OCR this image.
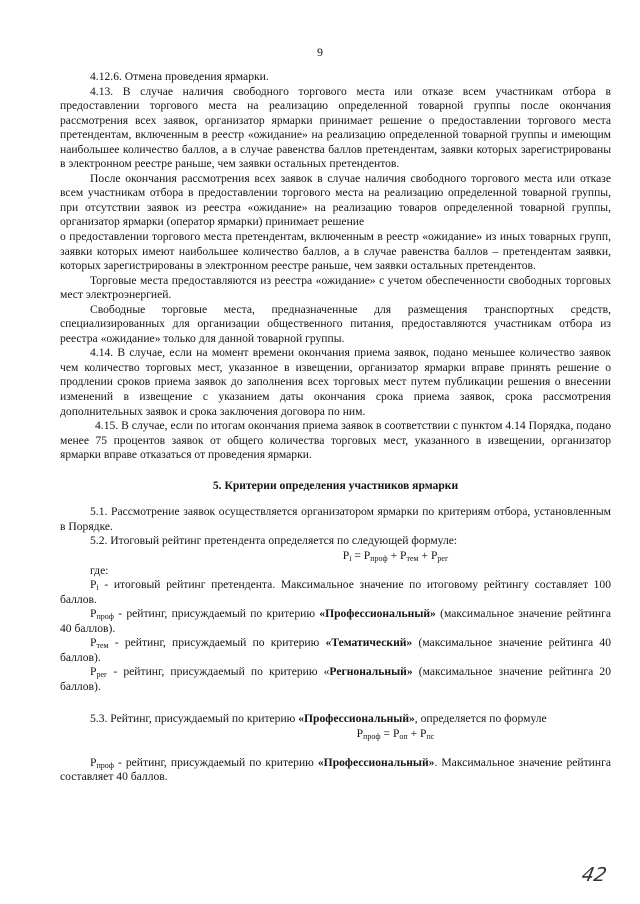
9

4.12.6. Отмена проведения ярмарки.

4.13. В случае наличия свободного торгового места или отказе всем участникам отбора в предоставлении торгового места на реализацию определенной товарной группы после окончания рассмотрения всех заявок, организатор ярмарки принимает решение о предоставлении торгового места претендентам, включенным в реестр «ожидание» на реализацию определенной товарной группы и имеющим наибольшее количество баллов, а в случае равенства баллов претендентам, заявки которых зарегистрированы в электронном реестре раньше, чем заявки остальных претендентов.

После окончания рассмотрения всех заявок в случае наличия свободного торгового места или отказе всем участникам отбора в предоставлении торгового места на реализацию определенной товарной группы, при отсутствии заявок из реестра «ожидание» на реализацию товаров определенной товарной группы, организатор ярмарки (оператор ярмарки) принимает решение

о предоставлении торгового места претендентам, включенным в реестр «ожидание» из иных товарных групп, заявки которых имеют наибольшее количество баллов, а в случае равенства баллов – претендентам заявки, которых зарегистрированы в электронном реестре раньше, чем заявки остальных претендентов.

Торговые места предоставляются из реестра «ожидание» с учетом обеспеченности свободных торговых мест электроэнергией.

Свободные торговые места, предназначенные для размещения транспортных средств, специализированных для организации общественного питания, предоставляются участникам отбора из реестра «ожидание» только для данной товарной группы.

4.14. В случае, если на момент времени окончания приема заявок, подано меньшее количество заявок чем количество торговых мест, указанное в извещении, организатор ярмарки вправе принять решение о продлении сроков приема заявок до заполнения всех торговых мест путем публикации решения о внесении изменений в извещение с указанием даты окончания срока приема заявок, срока рассмотрения дополнительных заявок и срока заключения договора по ним.

4.15. В случае, если по итогам окончания приема заявок в соответствии с пунктом 4.14 Порядка, подано менее 75 процентов заявок от общего количества торговых мест, указанного в извещении, организатор ярмарки вправе отказаться от проведения ярмарки.

5. Критерии определения участников ярмарки

5.1. Рассмотрение заявок осуществляется организатором ярмарки по критериям отбора, установленным в Порядке.

5.2. Итоговый рейтинг претендента определяется по следующей формуле:

$P_i = P_{проф} + P_{тем} + P_{рег}$

где:

$P_i$ - итоговый рейтинг претендента. Максимальное значение по итоговому рейтингу составляет 100 баллов.

$P_{проф}$ - рейтинг, присуждаемый по критерию «Профессиональный» (максимальное значение рейтинга 40 баллов).

$P_{тем}$ - рейтинг, присуждаемый по критерию «Тематический» (максимальное значение рейтинга 40 баллов).

$P_{рег}$ - рейтинг, присуждаемый по критерию «Регнональный» (максимальное значение рейтинга 20 баллов).

5.3. Рейтинг, присуждаемый по критерию «Профессиональный», определяется по формуле

$P_{проф} = P_{оп} + P_{пс}$

$P_{проф}$ - рейтинг, присуждаемый по критерию «Профессиональный». Максимальное значение рейтинга составляет 40 баллов.

42
